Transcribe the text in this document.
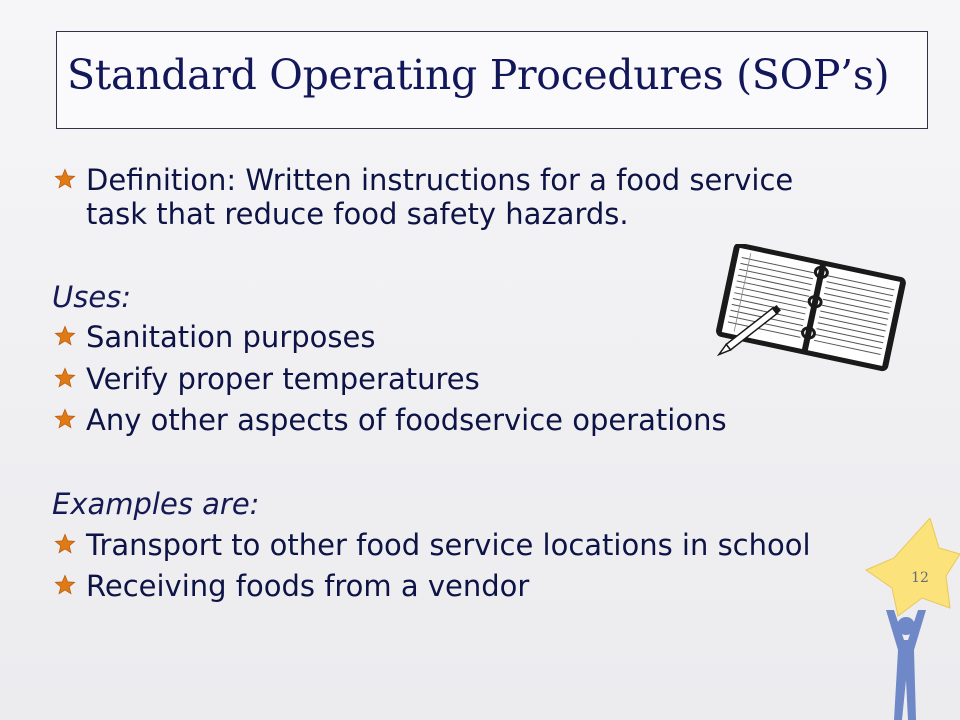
Standard Operating Procedures (SOP’s)
Definition: Written instructions for a food service task that reduce food safety hazards.
Uses:
Sanitation purposes
Verify proper temperatures
Any other aspects of foodservice operations
Examples are:
Transport to other food service locations in school
Receiving foods from a vendor	12
